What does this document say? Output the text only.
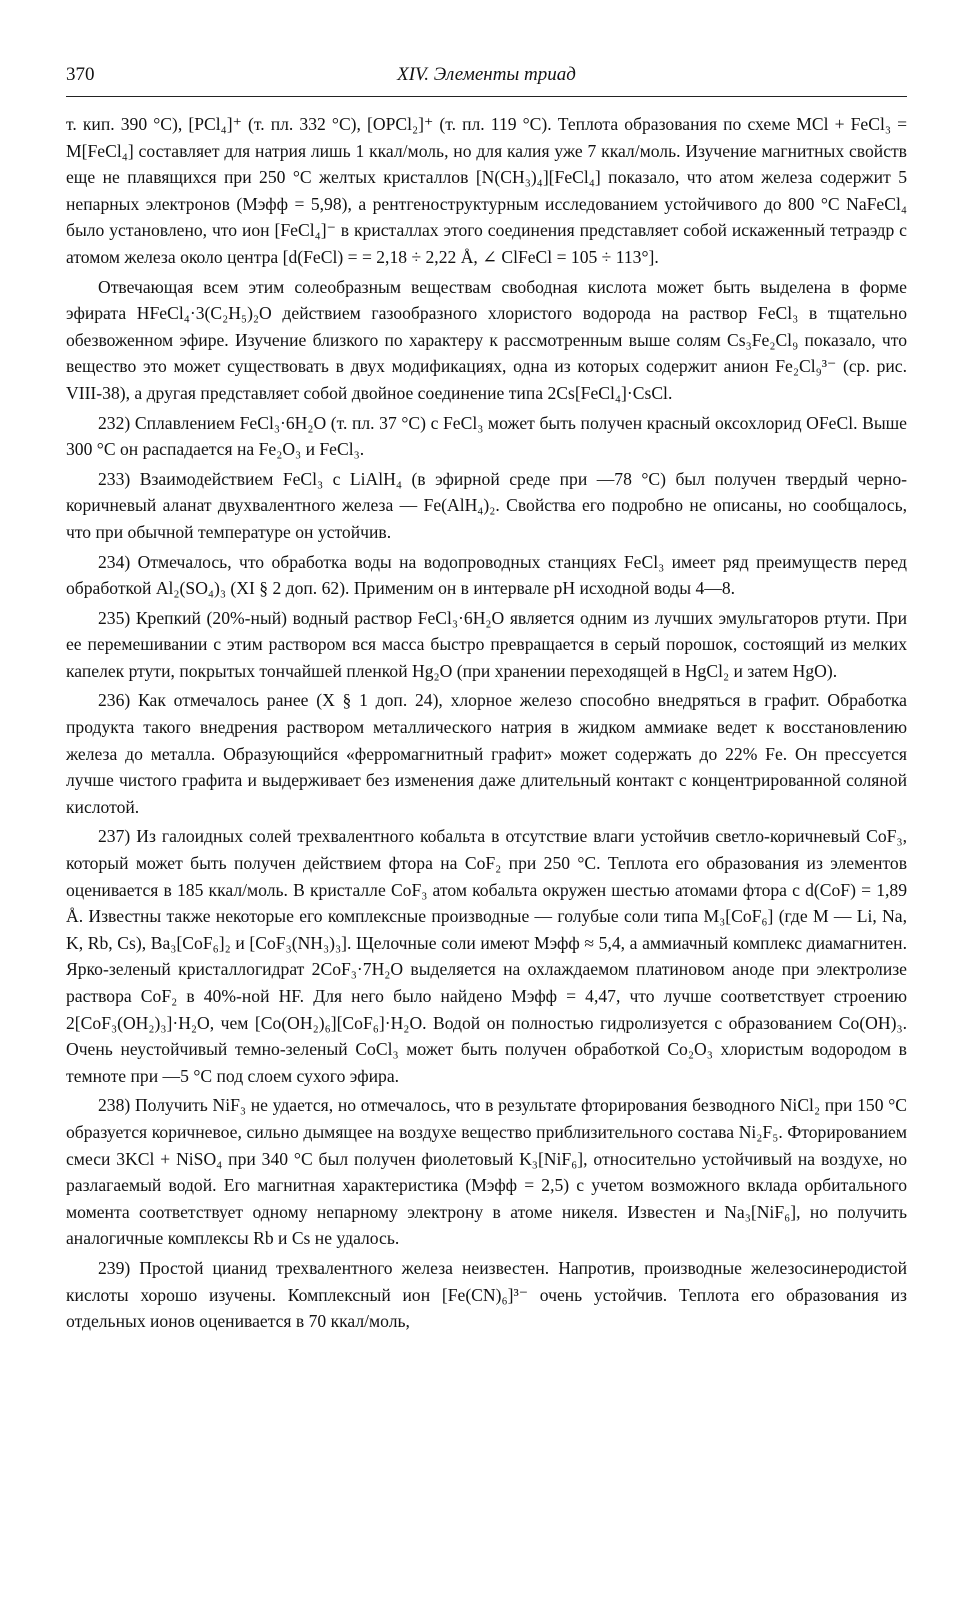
370	XIV. Элементы триад

т. кип. 390 °С), [PCl₄]⁺ (т. пл. 332 °С), [OPCl₂]⁺ (т. пл. 119 °С). Теплота образования по схеме MCl + FeCl₃ = M[FeCl₄] составляет для натрия лишь 1 ккал/моль, но для калия уже 7 ккал/моль. Изучение магнитных свойств еще не плавящихся при 250 °С желтых кристаллов [N(CH₃)₄][FeCl₄] показало, что атом железа содержит 5 непарных электронов (Mэфф = 5,98), а рентгеноструктурным исследованием устойчивого до 800 °С NaFeCl₄ было установлено, что ион [FeCl₄]⁻ в кристаллах этого соединения представляет собой искаженный тетраэдр с атомом железа около центра [d(FeCl) = = 2,18 ÷ 2,22 Å, ∠ ClFeCl = 105 ÷ 113°].

Отвечающая всем этим солеобразным веществам свободная кислота может быть выделена в форме эфирата HFeCl₄·3(C₂H₅)₂O действием газообразного хлористого водорода на раствор FeCl₃ в тщательно обезвоженном эфире. Изучение близкого по характеру к рассмотренным выше солям Cs₃Fe₂Cl₉ показало, что вещество это может существовать в двух модификациях, одна из которых содержит анион Fe₂Cl₉³⁻ (ср. рис. VIII-38), а другая представляет собой двойное соединение типа 2Cs[FeCl₄]·CsCl.

232) Сплавлением FeCl₃·6H₂O (т. пл. 37 °С) с FeCl₃ может быть получен красный оксохлорид OFeCl. Выше 300 °С он распадается на Fe₂O₃ и FeCl₃.

233) Взаимодействием FeCl₃ с LiAlH₄ (в эфирной среде при —78 °С) был получен твердый черно-коричневый аланат двухвалентного железа — Fe(AlH₄)₂. Свойства его подробно не описаны, но сообщалось, что при обычной температуре он устойчив.

234) Отмечалось, что обработка воды на водопроводных станциях FeCl₃ имеет ряд преимуществ перед обработкой Al₂(SO₄)₃ (XI § 2 доп. 62). Применим он в интервале pH исходной воды 4—8.

235) Крепкий (20%-ный) водный раствор FeCl₃·6H₂O является одним из лучших эмульгаторов ртути. При ее перемешивании с этим раствором вся масса быстро превращается в серый порошок, состоящий из мелких капелек ртути, покрытых тончайшей пленкой Hg₂O (при хранении переходящей в HgCl₂ и затем HgO).

236) Как отмечалось ранее (X § 1 доп. 24), хлорное железо способно внедряться в графит. Обработка продукта такого внедрения раствором металлического натрия в жидком аммиаке ведет к восстановлению железа до металла. Образующийся «ферромагнитный графит» может содержать до 22% Fe. Он прессуется лучше чистого графита и выдерживает без изменения даже длительный контакт с концентрированной соляной кислотой.

237) Из галоидных солей трехвалентного кобальта в отсутствие влаги устойчив светло-коричневый CoF₃, который может быть получен действием фтора на CoF₂ при 250 °С. Теплота его образования из элементов оценивается в 185 ккал/моль. В кристалле CoF₃ атом кобальта окружен шестью атомами фтора с d(CoF) = 1,89 Å. Известны также некоторые его комплексные производные — голубые соли типа M₃[CoF₆] (где M — Li, Na, K, Rb, Cs), Ba₃[CoF₆]₂ и [CoF₃(NH₃)₃]. Щелочные соли имеют Mэфф ≈ 5,4, а аммиачный комплекс диамагнитен. Ярко-зеленый кристаллогидрат 2CoF₃·7H₂O выделяется на охлаждаемом платиновом аноде при электролизе раствора CoF₂ в 40%-ной HF. Для него было найдено Mэфф = 4,47, что лучше соответствует строению 2[CoF₃(OH₂)₃]·H₂O, чем [Co(OH₂)₆][CoF₆]·H₂O. Водой он полностью гидролизуется с образованием Co(OH)₃. Очень неустойчивый темно-зеленый CoCl₃ может быть получен обработкой Co₂O₃ хлористым водородом в темноте при —5 °С под слоем сухого эфира.

238) Получить NiF₃ не удается, но отмечалось, что в результате фторирования безводного NiCl₂ при 150 °С образуется коричневое, сильно дымящее на воздухе вещество приблизительного состава Ni₂F₅. Фторированием смеси 3KCl + NiSO₄ при 340 °С был получен фиолетовый K₃[NiF₆], относительно устойчивый на воздухе, но разлагаемый водой. Его магнитная характеристика (Mэфф = 2,5) с учетом возможного вклада орбитального момента соответствует одному непарному электрону в атоме никеля. Известен и Na₃[NiF₆], но получить аналогичные комплексы Rb и Cs не удалось.

239) Простой цианид трехвалентного железа неизвестен. Напротив, производные железосинеродистой кислоты хорошо изучены. Комплексный ион [Fe(CN)₆]³⁻ очень устойчив. Теплота его образования из отдельных ионов оценивается в 70 ккал/моль,
